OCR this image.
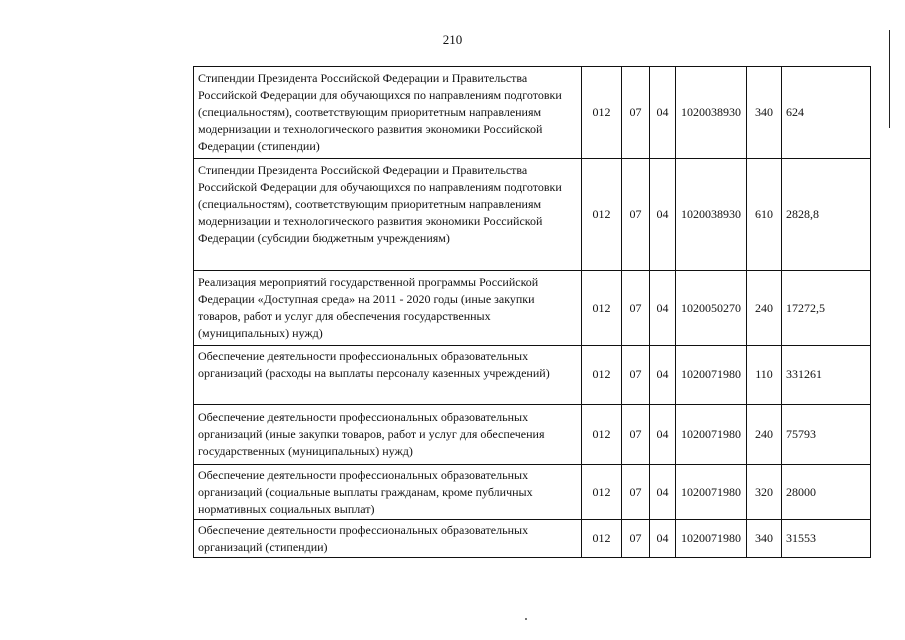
210
Стипендии Президента Российской Федерации и Правительства Российской Федерации для обучающихся по направлениям подготовки (специальностям), соответствующим приоритетным направлениям модернизации и технологического развития экономики Российской Федерации (стипендии)	012	07	04	1020038930	340	624
Стипендии Президента Российской Федерации и Правительства Российской Федерации для обучающихся по направлениям подготовки (специальностям), соответствующим приоритетным направлениям модернизации и технологического развития экономики Российской Федерации (субсидии бюджетным учреждениям)	012	07	04	1020038930	610	2828,8
Реализация мероприятий государственной программы Российской Федерации «Доступная среда» на 2011 - 2020 годы (иные закупки товаров, работ и услуг для обеспечения государственных (муниципальных) нужд)	012	07	04	1020050270	240	17272,5
Обеспечение деятельности профессиональных образовательных организаций (расходы на выплаты персоналу казенных учреждений)	012	07	04	1020071980	110	331261
Обеспечение деятельности профессиональных образовательных организаций (иные закупки товаров, работ и услуг для обеспечения государственных (муниципальных) нужд)	012	07	04	1020071980	240	75793
Обеспечение деятельности профессиональных образовательных организаций (социальные выплаты гражданам, кроме публичных нормативных социальных выплат)	012	07	04	1020071980	320	28000
Обеспечение деятельности профессиональных образовательных организаций (стипендии)	012	07	04	1020071980	340	31553
